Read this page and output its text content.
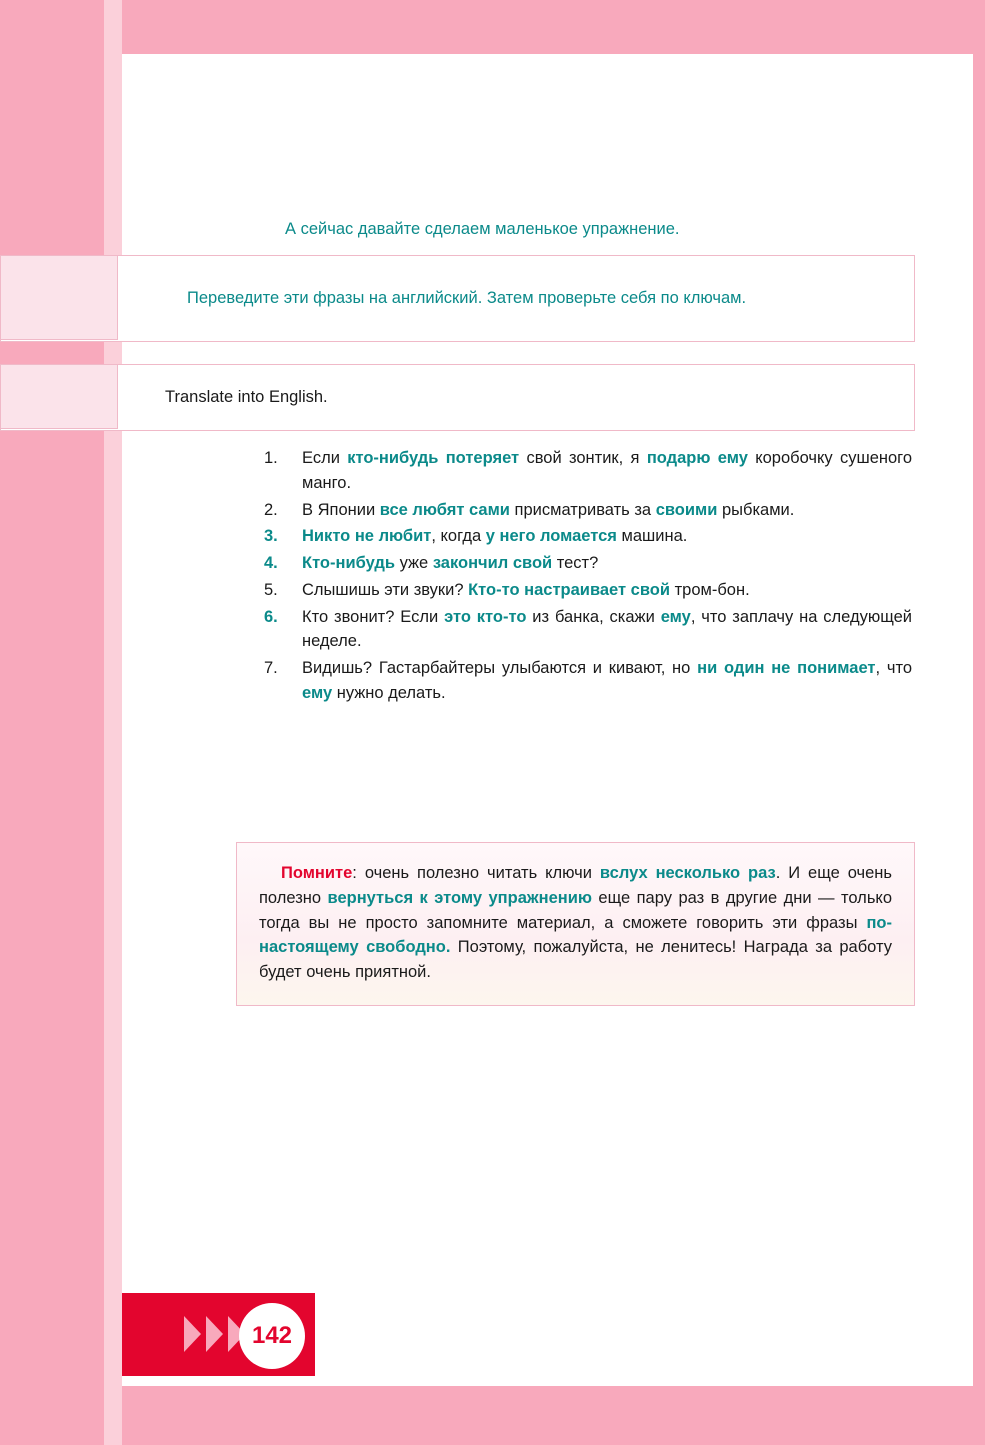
А сейчас давайте сделаем маленькое упражнение.

Переведите эти фразы на английский. Затем проверьте себя по ключам.

Translate into English.

1.	Если кто-нибудь потеряет свой зонтик, я подарю ему коробочку сушеного манго.
2.	В Японии все любят сами присматривать за своими рыбками.
3.	Никто не любит, когда у него ломается машина.
4.	Кто-нибудь уже закончил свой тест?
5.	Слышишь эти звуки? Кто-то настраивает свой тром-бон.
6.	Кто звонит? Если это кто-то из банка, скажи ему, что заплачу на следующей неделе.
7.	Видишь? Гастарбайтеры улыбаются и кивают, но ни один не понимает, что ему нужно делать.

Помните: очень полезно читать ключи вслух несколько раз. И еще очень полезно вернуться к этому упражнению еще пару раз в другие дни — только тогда вы не просто запомните материал, а сможете говорить эти фразы по-настоящему свободно. Поэтому, пожалуйста, не ленитесь! Награда за работу будет очень приятной.

142
